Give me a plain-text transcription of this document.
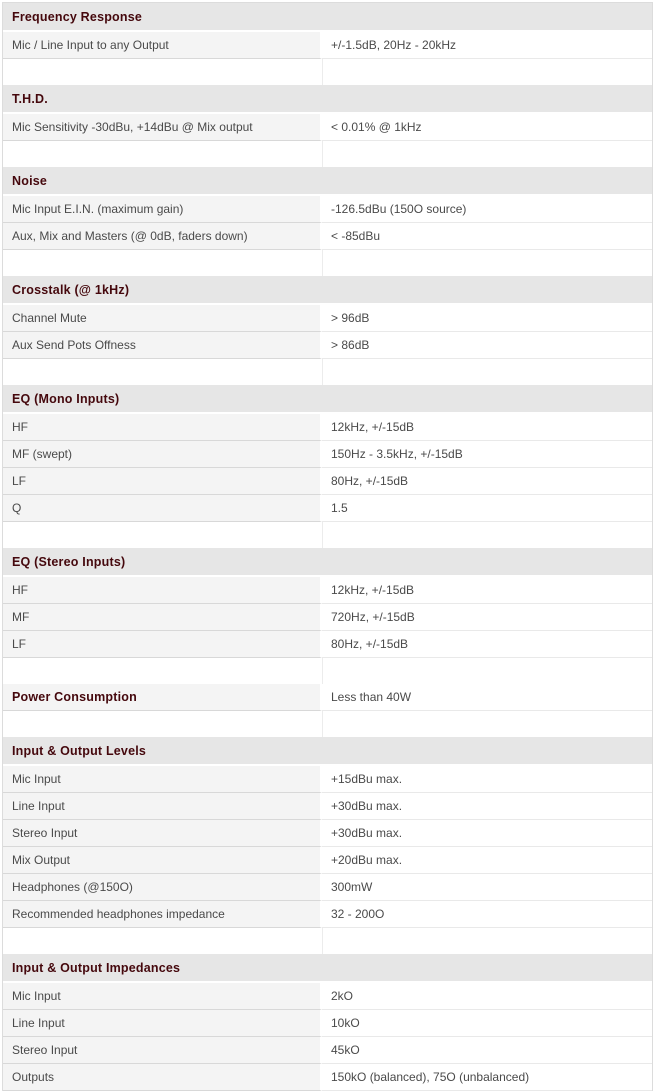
Frequency Response
Mic / Line Input to any Output	+/-1.5dB, 20Hz - 20kHz
T.H.D.
Mic Sensitivity -30dBu, +14dBu @ Mix output	< 0.01% @ 1kHz
Noise
Mic Input E.I.N. (maximum gain)	-126.5dBu (150O source)
Aux, Mix and Masters (@ 0dB, faders down)	< -85dBu
Crosstalk (@ 1kHz)
Channel Mute	> 96dB
Aux Send Pots Offness	> 86dB
EQ (Mono Inputs)
HF	12kHz, +/-15dB
MF (swept)	150Hz - 3.5kHz, +/-15dB
LF	80Hz, +/-15dB
Q	1.5
EQ (Stereo Inputs)
HF	12kHz, +/-15dB
MF	720Hz, +/-15dB
LF	80Hz, +/-15dB
Power Consumption	Less than 40W
Input & Output Levels
Mic Input	+15dBu max.
Line Input	+30dBu max.
Stereo Input	+30dBu max.
Mix Output	+20dBu max.
Headphones (@150O)	300mW
Recommended headphones impedance	32 - 200O
Input & Output Impedances
Mic Input	2kO
Line Input	10kO
Stereo Input	45kO
Outputs	150kO (balanced), 75O (unbalanced)
